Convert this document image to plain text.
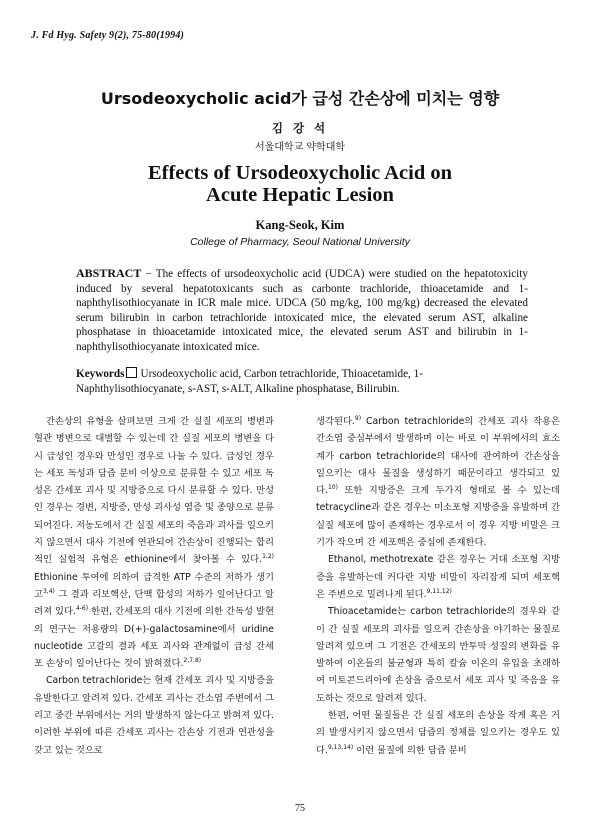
J. Fd Hyg. Safety 9(2), 75-80(1994)
Ursodeoxycholic acid가 급성 간손상에 미치는 영향
김 강 석
서울대학교 약학대학
Effects of Ursodeoxycholic Acid on
Acute Hepatic Lesion
Kang-Seok, Kim
College of Pharmacy, Seoul National University
ABSTRACT − The effects of ursodeoxycholic acid (UDCA) were studied on the hepatotoxicity induced by several hepatotoxicants such as carbonte trachloride, thioacetamide and 1-naphthylisothiocyanate in ICR male mice. UDCA (50 mg/kg, 100 mg/kg) decreased the elevated serum bilirubin in carbon tetrachloride intoxicated mice, the elevated serum AST, alkaline phosphatase in thioacetamide intoxicated mice, the elevated serum AST and bilirubin in 1-naphthylisothiocyanate intoxicated mice.
Keywords Ursodeoxycholic acid, Carbon tetrachloride, Thioacetamide, 1-Naphthylisothiocyanate, s-AST, s-ALT, Alkaline phosphatase, Bilirubin.

간손상의 유형을 살펴보면 크게 간 실질 세포의 병변과 혈관 병변으로 대별할 수 있는데 간 실질 세포의 병변을 다시 급성인 경우와 만성인 경우로 나눌 수 있다. 급성인 경우는 세포 독성과 담즙 분비 이상으로 분류할 수 있고 세포 독성은 간세포 괴사 및 지방증으로 다시 분류할 수 있다. 만성인 경우는 경변, 지방증, 만성 괴사성 염증 및 종양으로 분류되어진다. 저농도에서 간 실질 세포의 죽음과 괴사를 일으키지 않으면서 대사 기전에 연관되어 간손상이 진행되는 합리적인 실험적 유형은 ethionine에서 찾아볼 수 있다.$^{1,2)}$ Ethionine 투여에 의하여 급격한 ATP 수준의 저하가 생기고$^{3,4)}$ 그 결과 리보핵산, 단백 합성의 저하가 일어난다고 알려져 있다.$^{4-6)}$ 한편, 간세포의 대사 기전에 의한 간독성 발현의 연구는 저용량의 D(+)-galactosamine에서 uridine nucleotide 고갈의 결과 세포 괴사와 관계없이 급성 간세포 손상이 일어난다는 것이 밝혀졌다.$^{2,7,8)}$

Carbon tetrachloride는 현재 간세포 괴사 및 지방증을 유발한다고 알려져 있다. 간세포 괴사는 간소엽 주변에서 그리고 중간 부위에서는 거의 발생하지 않는다고 밝혀져 있다. 이러한 부위에 따른 간세포 괴사는 간손상 기전과 연관성을 갖고 있는 것으로

생각된다.$^{9)}$ Carbon tetrachloride의 간세포 괴사 작용은 간소엽 중심부에서 발생하며 이는 바로 이 부위에서의 효소계가 carbon tetrachloride의 대사에 관여하여 간손상을 일으키는 대사 물질을 생성하기 때문이라고 생각되고 있다.$^{10)}$ 또한 지방증은 크게 두가지 형태로 볼 수 있는데 tetracycline과 같은 경우는 미소포형 지방증을 유발하며 간 실질 세포에 많이 존재하는 경우로서 이 경우 지방 비말은 크기가 작으며 간 세포핵은 중심에 존재한다.

Ethanol, methotrexate 같은 경우는 거대 소포형 지방증을 유발하는데 커다란 지방 비말이 자리잡게 되며 세포핵은 주변으로 밀려나게 된다.$^{9,11,12)}$

Thioacetamide는 carbon tetrachloride의 경우와 같이 간 실질 세포의 괴사를 일으켜 간손상을 야기하는 물질로 알려져 있으며 그 기전은 간세포의 반투막 성질의 변화를 유발하여 이온들의 불균형과 특히 칼슘 이온의 유입을 초래하여 미토콘드리아에 손상을 줌으로서 세포 괴사 및 죽음을 유도하는 것으로 알려져 있다.

한편, 어떤 물질들은 간 실질 세포의 손상을 작게 혹은 거의 발생시키지 않으면서 담즙의 정체를 일으키는 경우도 있다.$^{9,13,14)}$ 이런 물질에 의한 담즙 분비

75
